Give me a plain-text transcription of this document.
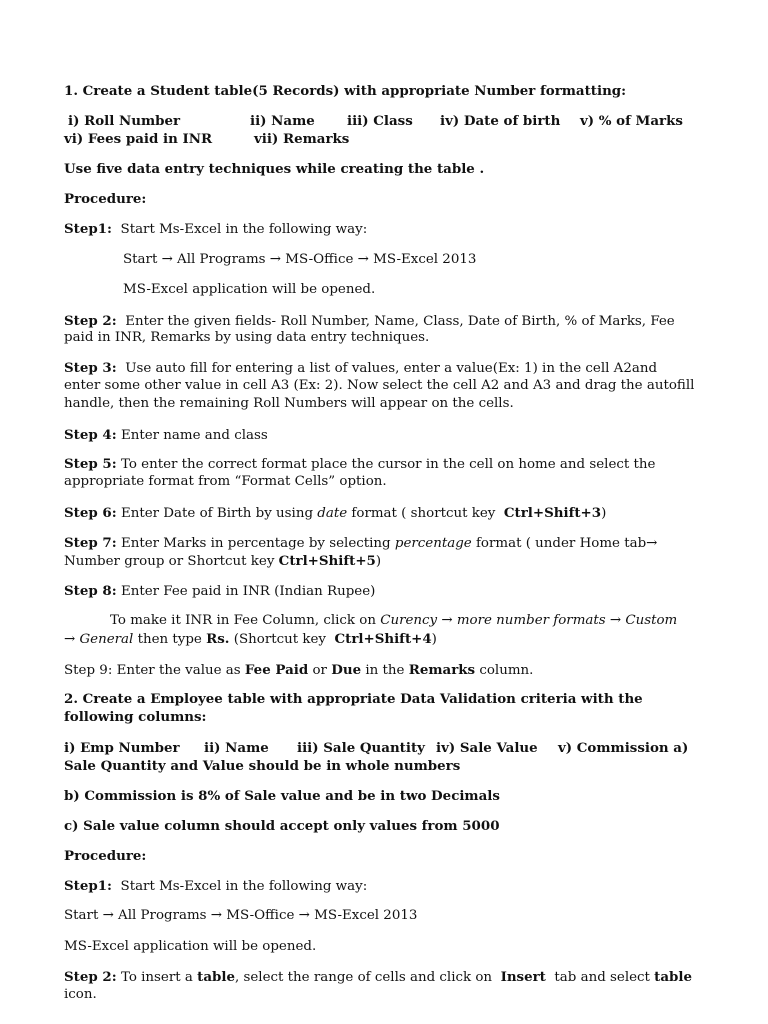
1. Create a Student table(5 Records) with appropriate Number formatting:
i) Roll Number	ii) Name iii) Class iv) Date of birth v) % of Marks
vi) Fees paid in INR	vii) Remarks
Use five data entry techniques while creating the table .
Procedure:
Step1: Start Ms-Excel in the following way:
Start → All Programs → MS-Office → MS-Excel 2013
MS-Excel application will be opened.
Step 2: Enter the given fields- Roll Number, Name, Class, Date of Birth, % of Marks, Fee
paid in INR, Remarks by using data entry techniques.
Step 3: Use auto fill for entering a list of values, enter a value(Ex: 1) in the cell A2and
enter some other value in cell A3 (Ex: 2). Now select the cell A2 and A3 and drag the autofill
handle, then the remaining Roll Numbers will appear on the cells.
Step 4: Enter name and class
Step 5: To enter the correct format place the cursor in the cell on home and select the
appropriate format from “Format Cells” option.
Step 6: Enter Date of Birth by using date format ( shortcut key Ctrl+Shift+3)
Step 7: Enter Marks in percentage by selecting percentage format ( under Home tab→
Number group or Shortcut key Ctrl+Shift+5)
Step 8: Enter Fee paid in INR (Indian Rupee)
To make it INR in Fee Column, click on Curency → more number formats → Custom
→ General then type Rs. (Shortcut key Ctrl+Shift+4)
Step 9: Enter the value as Fee Paid or Due in the Remarks column.
2. Create a Employee table with appropriate Data Validation criteria with the
following columns:
i) Emp Number ii) Name iii) Sale Quantity iv) Sale Value v) Commission a)
Sale Quantity and Value should be in whole numbers
b) Commission is 8% of Sale value and be in two Decimals
c) Sale value column should accept only values from 5000
Procedure:
Step1: Start Ms-Excel in the following way:
Start → All Programs → MS-Office → MS-Excel 2013
MS-Excel application will be opened.
Step 2: To insert a table, select the range of cells and click on Insert tab and select table
icon.
